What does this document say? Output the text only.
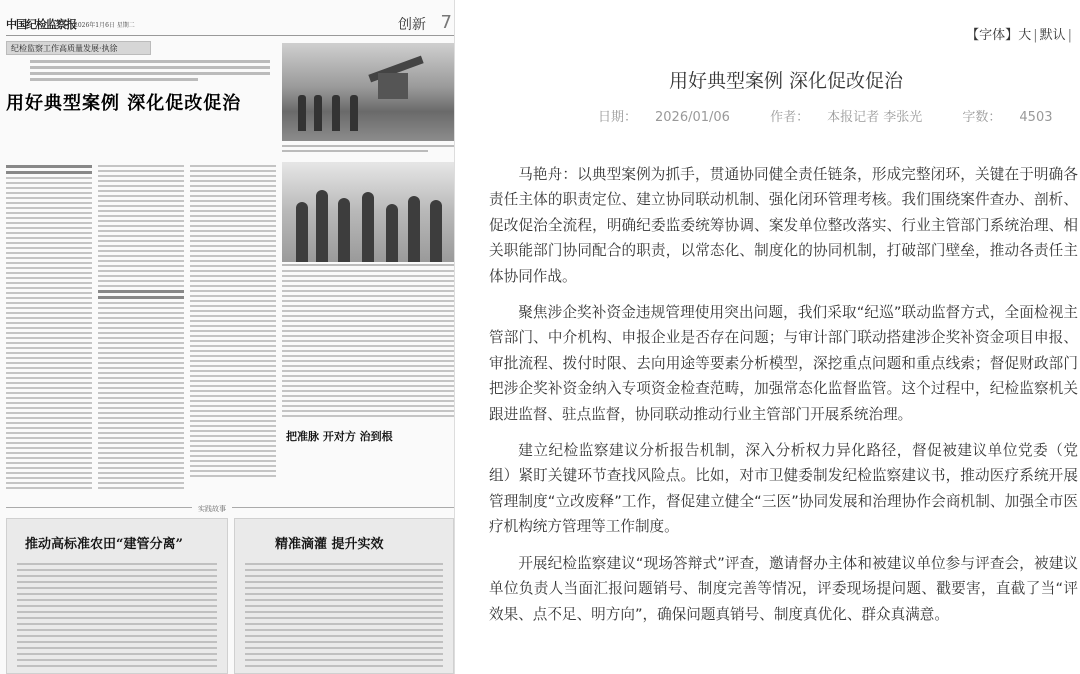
中国纪检监察报
2026年1月6日 星期二	创新 7
纪检监察工作高质量发展·执徐
用好典型案例 深化促改促治
把准脉 开对方 治到根
实践故事
推动高标准农田“建管分离”	精准滴灌 提升实效
【字体】大 | 默认 |
用好典型案例 深化促改促治
日期： 2026/01/06	作者： 本报记者 李张光	字数： 4503

马艳舟：以典型案例为抓手，贯通协同健全责任链条，形成完整闭环，关键在于明确各责任主体的职责定位、建立协同联动机制、强化闭环管理考核。我们围绕案件查办、剖析、促改促治全流程，明确纪委监委统筹协调、案发单位整改落实、行业主管部门系统治理、相关职能部门协同配合的职责，以常态化、制度化的协同机制，打破部门壁垒，推动各责任主体协同作战。

聚焦涉企奖补资金违规管理使用突出问题，我们采取“纪巡”联动监督方式，全面检视主管部门、中介机构、申报企业是否存在问题；与审计部门联动搭建涉企奖补资金项目申报、审批流程、拨付时限、去向用途等要素分析模型，深挖重点问题和重点线索；督促财政部门把涉企奖补资金纳入专项资金检查范畴，加强常态化监督监管。这个过程中，纪检监察机关跟进监督、驻点监督，协同联动推动行业主管部门开展系统治理。

建立纪检监察建议分析报告机制，深入分析权力异化路径，督促被建议单位党委（党组）紧盯关键环节查找风险点。比如，对市卫健委制发纪检监察建议书，推动医疗系统开展管理制度“立改废释”工作，督促建立健全“三医”协同发展和治理协作会商机制、加强全市医疗机构统方管理等工作制度。

开展纪检监察建议“现场答辩式”评查，邀请督办主体和被建议单位参与评查会，被建议单位负责人当面汇报问题销号、制度完善等情况，评委现场提问题、戳要害，直截了当“评效果、点不足、明方向”，确保问题真销号、制度真优化、群众真满意。
